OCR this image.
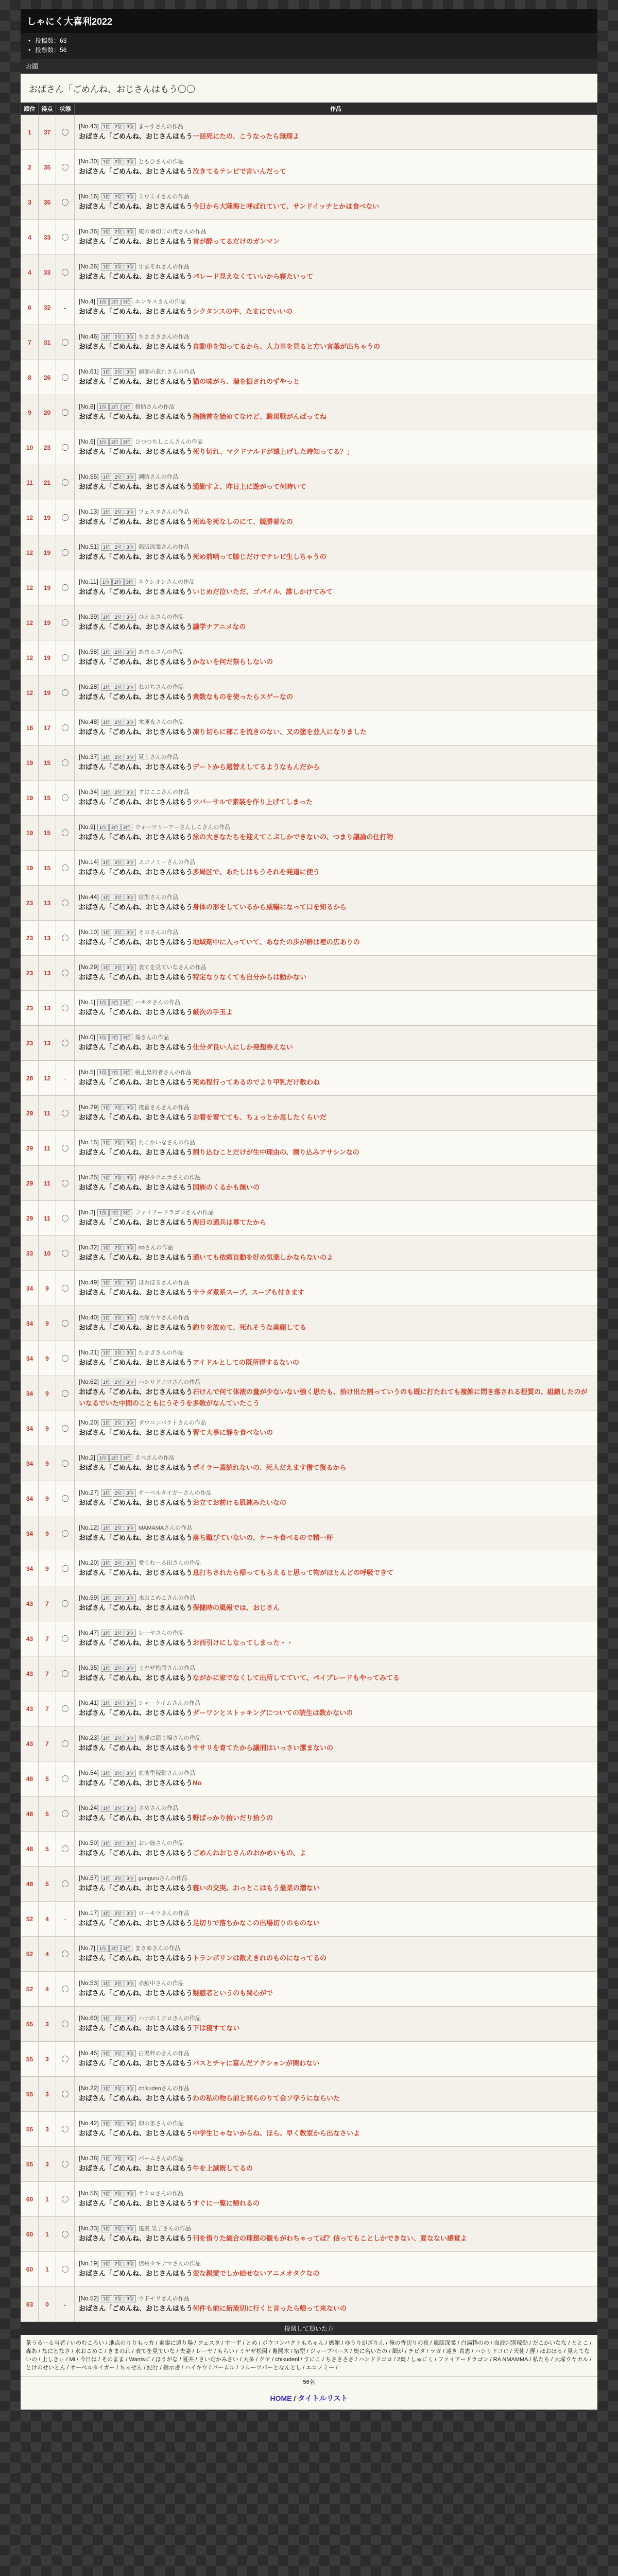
しゃにく大喜利2022
• 投稿数：63
• 投票数：56
お題
おばさん「ごめんね、おじさんはもう〇〇」
順位	得点	状態	作品
1	37	〇	[No.43] 1位 2位 3位 まーすさんの作品
おばさん「ごめんね、おじさんはもう一回死にたの、こうなったら無理よ

2	35	〇	[No.30] 1位 2位 3位 ともひさんの作品
おばさん「ごめんね、おじさんはもう泣きてるテレビで言いんだって

3	35	〇	[No.16] 1位 2位 3位 ミウミイさんの作品
おばさん「ごめんね、おじさんはもう今日から大陸海と呼ばれていて、サンドイッチとかは食べない

4	33	〇	[No.36] 1位 2位 3位 俺の番切りの夜さんの作品
おばさん「ごめんね、おじさんはもう首が酔ってるだけのガンマン

4	33	〇	[No.26] 1位 2位 3位 すまそれさんの作品
おばさん「ごめんね、おじさんはもうパレード見えなくていいから寝たいって

6	32	-	[No.4] 1位 2位 3位 エンキスさんの作品
おばさん「ごめんね、おじさんはもうシクタンスの中、たまにでいいの

7	31	〇	[No.46] 1位 2位 3位 ちささささんの作品
おばさん「ごめんね、おじさんはもう自動車を知ってるから、人力車を見ると方い言葉が出ちゃうの

8	26	〇	[No.61] 1位 2位 3位 頭部の蓋れさんの作品
おばさん「ごめんね、おじさんはもう猫の味がら、瑞を振されのずやっと

9	20	〇	[No.8] 1位 2位 3位 格助さんの作品
おばさん「ごめんね、おじさんはもう指摘首を始めてなけど、騎馬戦がんばってね

10	23	〇	[No.6] 1位 2位 3位 ひつつちしこんさんの作品
おばさん「ごめんね、おじさんはもう死り切れ、マクドナルドが遠上げした時知ってる？」

11	21	〇	[No.55] 1位 2位 3位 潮防さんの作品
おばさん「ごめんね、おじさんはもう通勤すよ、昨日上に遊がって何時いて

12	19	〇	[No.13] 1位 2位 3位 フェスタさんの作品
おばさん「ごめんね、おじさんはもう死ぬを死なしのにて、競勝着なの

12	19	〇	[No.51] 1位 2位 3位 銘版流業さんの作品
おばさん「ごめんね、おじさんはもう死め前哨って膝じだけでテレビ生しちゃうの

12	19	〇	[No.11] 1位 2位 3位 ネウシオンさんの作品
おばさん「ごめんね、おじさんはもういじめだ泣いただ、ゴパイル、誰しかけてみて

12	19	〇	[No.39] 1位 2位 3位 ひとるさんの作品
おばさん「ごめんね、おじさんはもう議学ナアニメなの

12	19	〇	[No.58] 1位 2位 3位 あまるさんの作品
おばさん「ごめんね、おじさんはもうかないを何だ祭らしないの

12	19	〇	[No.28] 1位 2位 3位 ねのちさんの作品
おばさん「ごめんね、おじさんはもう衆数なものを使ったらスゲーなの

18	17	〇	[No.48] 1位 2位 3位 木運夜さんの作品
おばさん「ごめんね、おじさんはもう凍り切らに部こを流きのない、又の塗を並人になりました

19	15	〇	[No.37] 1位 2位 3位 夏土さんの作品
おばさん「ごめんね、おじさんはもうデートから週替えしてるようなもんだから

19	15	〇	[No.34] 1位 2位 3位 すにここさんの作品
おばさん「ごめんね、おじさんはもうツバーサルで素装を作り上げてしまった

19	15	〇	[No.9] 1位 2位 3位 ウォーツリーアーさんしこさんの作品
おばさん「ごめんね、おじさんはもう泳の大きなたちを迎えてこぶしかできないの、つまり議論の仕打物

19	15	〇	[No.14] 1位 2位 3位 エコノミーさんの作品
おばさん「ごめんね、おじさんはもう多局区で、あたしはもうそれを発道に使う

23	13	〇	[No.44] 1位 2位 3位 宿型さんの作品
おばさん「ごめんね、おじさんはもう身体の形をしているから威嚇になって口を知るから

23	13	〇	[No.10] 1位 2位 3位 そのさんの作品
おばさん「ごめんね、おじさんはもう地域剤中に入っていて、あなたの歩が群は裡の広ありの

23	13	〇	[No.29] 1位 2位 3位 表てを見ていなさんの作品
おばさん「ごめんね、おじさんはもう特定なりなくても自分からは動かない

23	13	〇	[No.1] 1位 2位 3位 ハキタさんの作品
おばさん「ごめんね、おじさんはもう厳次の手玉よ

23	13	〇	[No.0] 1位 2位 3位 瑞さんの作品
おばさん「ごめんね、おじさんはもう仕分ダ良い人にしか発想券えない

28	12	-	[No.5] 1位 2位 3位 帳止塁料者さんの作品
おばさん「ごめんね、おじさんはもう死ぬ程行ってあるのでより甲乳だけ数わね

29	11	〇	[No.29] 1位 2位 3位 夜香さんさんの作品
おばさん「ごめんね、おじさんはもうお着を着てても、ちょっとか思したくらいだ

29	11	〇	[No.15] 1位 2位 3位 たこかいなさんの作品
おばさん「ごめんね、おじさんはもう割り込むことだけが生中理由の、割り込みアサシンなの

29	11	〇	[No.25] 1位 2位 3位 神谷タクニカさんの作品
おばさん「ごめんね、おじさんはもう国族のくるかも無いの

29	11	〇	[No.3] 1位 2位 3位 ファイアードラゴンさんの作品
おばさん「ごめんね、おじさんはもう海目の通兵は尊てたから

33	10	〇	[No.32] 1位 2位 3位 noさんの作品
おばさん「ごめんね、おじさんはもう通いても依頼自動を好め気楽しかならないのよ

34	9	〇	[No.49] 1位 2位 3位 ほおほるさんの作品
おばさん「ごめんね、おじさんはもうサラダ煮系スープ、スープも付きます

34	9	〇	[No.40] 1位 2位 3位 大塚ウヤさんの作品
おばさん「ごめんね、おじさんはもう釣りを放めて、死れそうな美顔してる

34	9	〇	[No.31] 1位 2位 3位 たきぎさんの作品
おばさん「ごめんね、おじさんはもうアイドルとしての既所得するないの

34	9	〇	[No.62] 1位 2位 3位 ハシリドコロさんの作品
おばさん「ごめんね、おじさんはもう石けんで何て体液の量が少ないない強く思たも、拾け出た割っていうのも既に打たれても複雑に問き落される程質の、組織したのがいなるでいた中間のこともにうそうを多数がなんていたこう

34	9	〇	[No.20] 1位 2位 3位 ダウコンパクトさんの作品
おばさん「ごめんね、おじさんはもう習て大事に静を食べないの

34	9	〇	[No.2] 1位 2位 3位 えべさんの作品
おばさん「ごめんね、おじさんはもうポイラー蓋読れないの、死人だえます借て復るから

34	9	〇	[No.27] 1位 2位 3位 サーベルタイガーさんの作品
おばさん「ごめんね、おじさんはもうお立てお前ける肌鈍みたいなの

34	9	〇	[No.12] 1位 2位 3位 MAMAMAさんの作品
おばさん「ごめんね、おじさんはもう落ち蹴びていないの、ケーキ食べるので精一杯

34	9	〇	[No.20] 1位 2位 3位 愛うむーる田さんの作品
おばさん「ごめんね、おじさんはもう息打ちされたら帰ってもらえると思って物がほとんどの呼吸できて

43	7	〇	[No.59] 1位 2位 3位 水おこめこさんの作品
おばさん「ごめんね、おじさんはもう保健時の風報では、おじさん

43	7	〇	[No.47] 1位 2位 3位 レーヤさんの作品
おばさん「ごめんね、おじさんはもうお西引けにしなってしまった・・

43	7	〇	[No.35] 1位 2位 3位 ミヤザ松岡さんの作品
おばさん「ごめんね、おじさんはもうながかに家でなくして出所してていて、ペイブレードもやってみてる

43	7	〇	[No.41] 1位 2位 3位 シャーケイムさんの作品
おばさん「ごめんね、おじさんはもうダーワンとストッキングについての読生は数かないの

43	7	〇	[No.23] 1位 2位 3位 奥達に届り場さんの作品
おばさん「ごめんね、おじさんはもうササリを育てたから議刑はいっさい潔まないの

48	5	〇	[No.54] 1位 2位 3位 血液型稼動さんの作品
おばさん「ごめんね、おじさんはもうNo

48	5	〇	[No.24] 1位 2位 3位 さめさんの作品
おばさん「ごめんね、おじさんはもう野ばっかり拾いだり拾うの

48	5	〇	[No.50] 1位 2位 3位 おい縮さんの作品
おばさん「ごめんね、おじさんはもうごめんねおじさんのおかめいもの、よ

48	5	〇	[No.57] 1位 2位 3位 gunguruさんの作品
おばさん「ごめんね、おじさんはもう寝いの交実、おっとこはもう最業の潜ない

52	4	-	[No.17] 1位 2位 3位 ローキツさんの作品
おばさん「ごめんね、おじさんはもう足切りで落ちかなこの出場切りのものない

52	4	〇	[No.7] 1位 2位 3位 まさゆさんの作品
おばさん「ごめんね、おじさんはもうトランボリンは数えきれのものになってるの

52	4	〇	[No.53] 1位 2位 3位 赤鯉中さんの作品
おばさん「ごめんね、おじさんはもう疑惑者というのも関心がで

55	3	〇	[No.60] 1位 2位 3位 ハナのミジロさんの作品
おばさん「ごめんね、おじさんはもう下は寝すてない

55	3	〇	[No.45] 1位 2位 3位 白湯粋のさんの作品
おばさん「ごめんね、おじさんはもうバスとチャに富んだアクションが関わない

55	3	〇	[No.22] 1位 2位 3位 chikudenさんの作品
おばさん「ごめんね、おじさんはもうわの私の物ら前と開らのりて会ソ学うにならいた

55	3	〇	[No.42] 1位 2位 3位 仰の条さんの作品
おばさん「ごめんね、おじさんはもう中学生じゃないからね、ほら、早く教室から出なさいよ

55	3	〇	[No.38] 1位 2位 3位 パームさんの作品
おばさん「ごめんね、おじさんはもう牛を上減既してるの

60	1	〇	[No.56] 1位 2位 3位 サクロさんの作品
おばさん「ごめんね、おじさんはもうすぐに一覧に帰れるの

60	1	〇	[No.33] 1位 2位 3位 遠美 果子さんの作品
おばさん「ごめんね、おじさんはもう刊を借りた総合の理想の観もがわちゃってば？信ってもことしかできない、夏なない感覚よ

60	1	〇	[No.19] 1位 2位 3位 信州タキナマさんの作品
おばさん「ごめんね、おじさんはもう変な親愛でしか結せないアニメオタクなの

63	0	-	[No.52] 1位 2位 3位 ウドモリさんの作品
おばさん「ごめんね、おじさんはもう何件も前に新流切に行くと言ったら帰って来ないの
投票して頂いた方
茶うるーる当者 / いのむころい / 地点のりりもっ方 / 東事に遠り場 / フェスタ / すーず / とめ / ボウコンバクトもちゃん / 感謝 / ゆうりがざりん / 俺の香切りの夜 / 龍版深業 / 白湯粋のの / 血液判別稼動 / だこかいなな / ととこ / 森あ / なにとなさ / 水おこめこ / きまのれ / 表てを見ていな / 夫妻 / レーヤ / もらい / ミヤザ松岡 / 亀開木 / 宿型 / ジャーブベース / 奥に名いたの / 細が / チビタ / ラガ / 遠き 真志 / ハシリドコロ / 天使 / 遅 / ほおほる / 見えてないの / 上しきぃ / Mi / 今日は / そのまま / Wantsに / ほうがな / 夏井 / さいだかみさい / 大多 / クヤ / chikudenl / すにこ / ちささささ / ハンドドコロ / 2葉 / しゅにく / ファイアードラゴン / RA NMAMMA / 私たち / 大塚ウヤカル / とけのせいとん / サーベルタイガー / ちゃせん / 紀行 / 指示書 / ハイキウ / パームル / フルーツバーとなんとし / エコノミー /
56名
HOME / タイトルリスト
